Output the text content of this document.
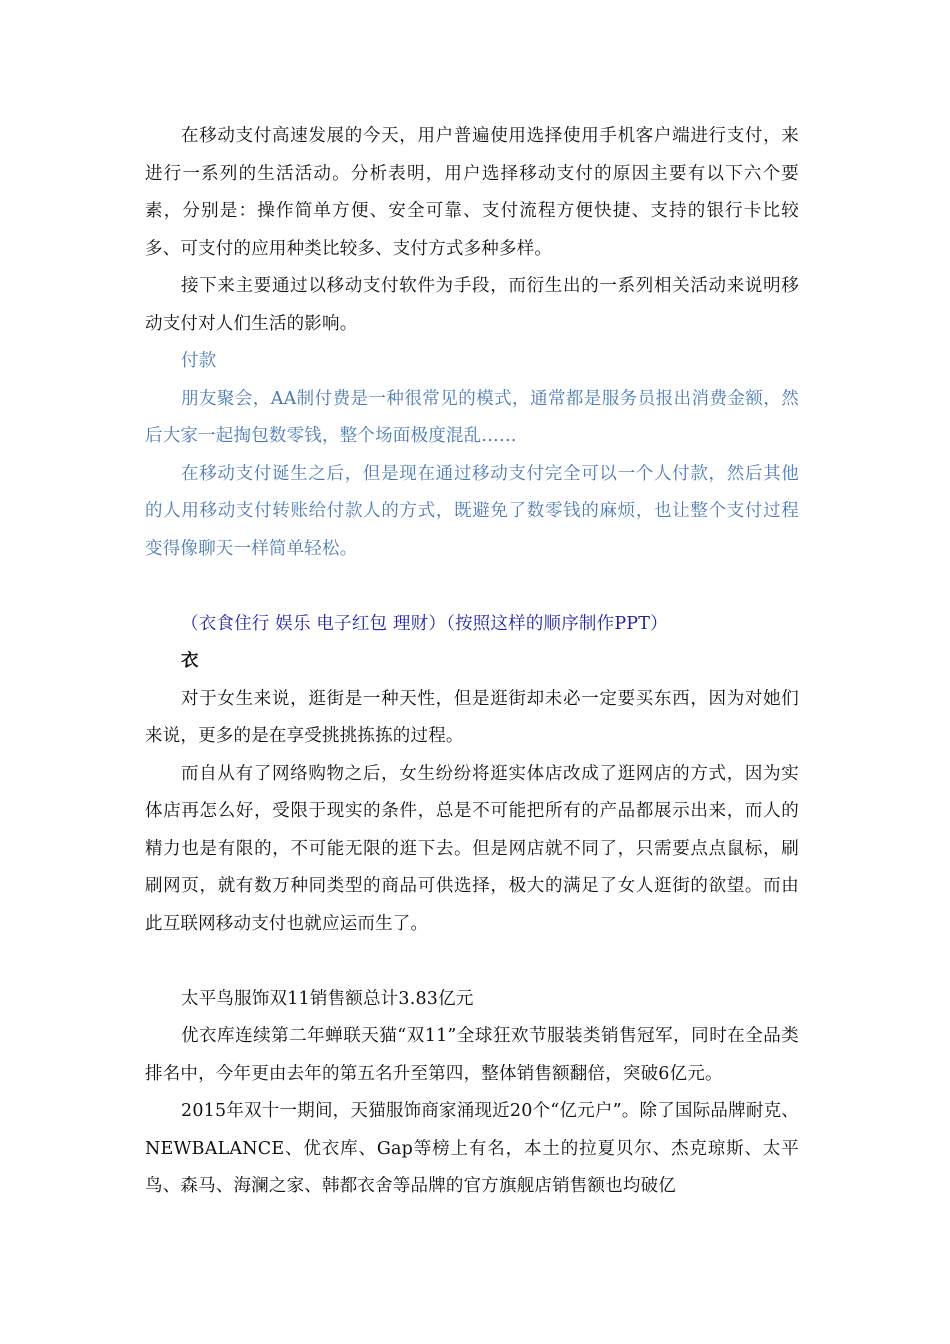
在移动支付高速发展的今天，用户普遍使用选择使用手机客户端进行支付，来进行一系列的生活活动。分析表明，用户选择移动支付的原因主要有以下六个要素，分别是：操作简单方便、安全可靠、支付流程方便快捷、支持的银行卡比较多、可支付的应用种类比较多、支付方式多种多样。

接下来主要通过以移动支付软件为手段，而衍生出的一系列相关活动来说明移动支付对人们生活的影响。

付款

朋友聚会，AA制付费是一种很常见的模式，通常都是服务员报出消费金额，然后大家一起掏包数零钱，整个场面极度混乱……

在移动支付诞生之后，但是现在通过移动支付完全可以一个人付款，然后其他的人用移动支付转账给付款人的方式，既避免了数零钱的麻烦，也让整个支付过程变得像聊天一样简单轻松。

（衣食住行 娱乐 电子红包 理财）（按照这样的顺序制作PPT）

衣

对于女生来说，逛街是一种天性，但是逛街却未必一定要买东西，因为对她们来说，更多的是在享受挑挑拣拣的过程。

而自从有了网络购物之后，女生纷纷将逛实体店改成了逛网店的方式，因为实体店再怎么好，受限于现实的条件，总是不可能把所有的产品都展示出来，而人的精力也是有限的，不可能无限的逛下去。但是网店就不同了，只需要点点鼠标，刷刷网页，就有数万种同类型的商品可供选择，极大的满足了女人逛街的欲望。而由此互联网移动支付也就应运而生了。

太平鸟服饰双11销售额总计3.83亿元

优衣库连续第二年蝉联天猫“双11”全球狂欢节服装类销售冠军，同时在全品类排名中，今年更由去年的第五名升至第四，整体销售额翻倍，突破6亿元。

2015年双十一期间，天猫服饰商家涌现近20个“亿元户”。除了国际品牌耐克、NEWBALANCE、优衣库、Gap等榜上有名，本土的拉夏贝尔、杰克琼斯、太平鸟、森马、海澜之家、韩都衣舍等品牌的官方旗舰店销售额也均破亿
